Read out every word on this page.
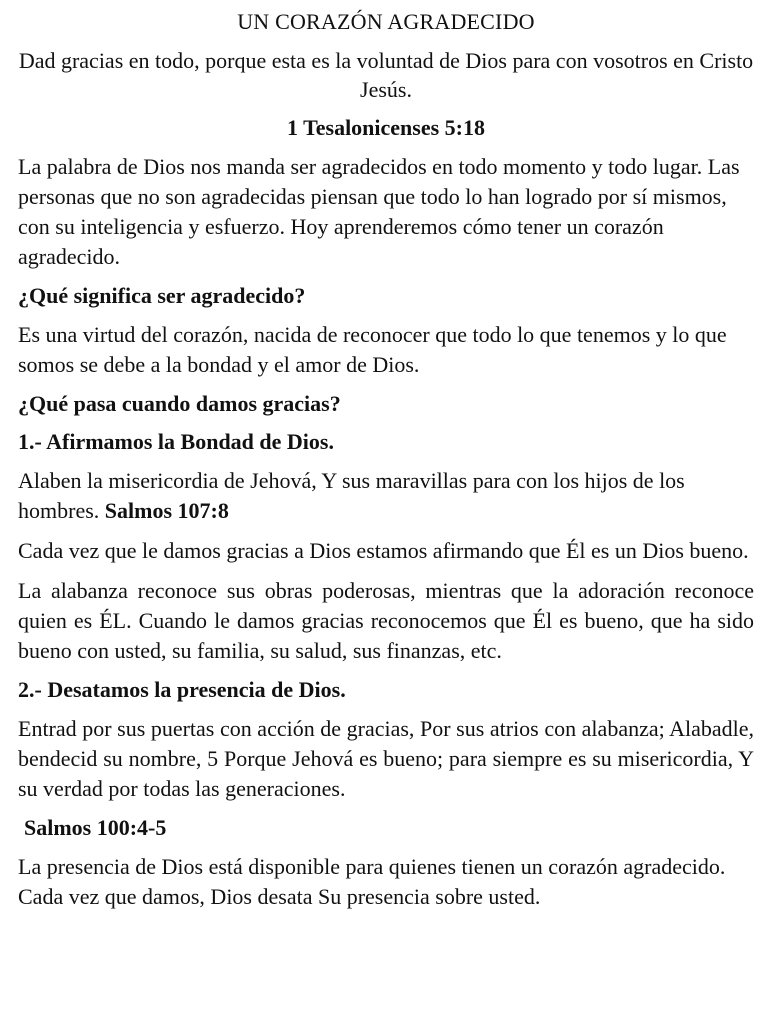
UN CORAZÓN AGRADECIDO
Dad gracias en todo, porque esta es la voluntad de Dios para con vosotros en Cristo Jesús.
1 Tesalonicenses 5:18

La palabra de Dios nos manda ser agradecidos en todo momento y todo lugar. Las personas que no son agradecidas piensan que todo lo han logrado por sí mismos, con su inteligencia y esfuerzo. Hoy aprenderemos cómo tener un corazón agradecido.

¿Qué significa ser agradecido?

Es una virtud del corazón, nacida de reconocer que todo lo que tenemos y lo que somos se debe a la bondad y el amor de Dios.

¿Qué pasa cuando damos gracias?
1.- Afirmamos la Bondad de Dios.

Alaben la misericordia de Jehová, Y sus maravillas para con los hijos de los hombres. Salmos 107:8

Cada vez que le damos gracias a Dios estamos afirmando que Él es un Dios bueno.

La alabanza reconoce sus obras poderosas, mientras que la adoración reconoce quien es ÉL. Cuando le damos gracias reconocemos que Él es bueno, que ha sido bueno con usted, su familia, su salud, sus finanzas, etc.

2.- Desatamos la presencia de Dios.

Entrad por sus puertas con acción de gracias, Por sus atrios con alabanza; Alabadle, bendecid su nombre, 5 Porque Jehová es bueno; para siempre es su misericordia, Y su verdad por todas las generaciones.

Salmos 100:4-5

La presencia de Dios está disponible para quienes tienen un corazón agradecido. Cada vez que damos, Dios desata Su presencia sobre usted.
